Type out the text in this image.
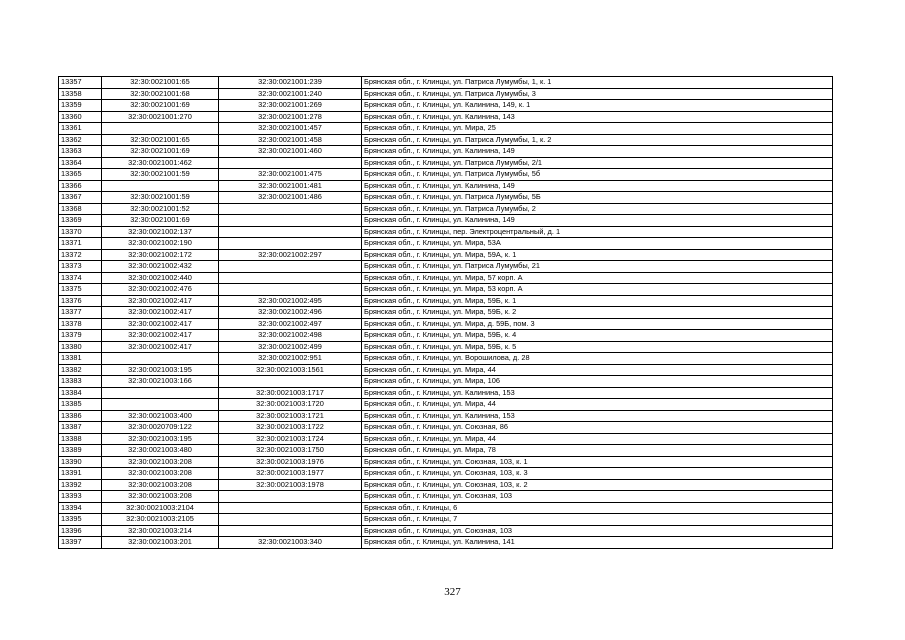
13357	32:30:0021001:65	32:30:0021001:239	Брянская обл., г. Клинцы, ул. Патриса Лумумбы, 1, к. 1
13358	32:30:0021001:68	32:30:0021001:240	Брянская обл., г. Клинцы, ул. Патриса Лумумбы, 3
13359	32:30:0021001:69	32:30:0021001:269	Брянская обл., г. Клинцы, ул. Калинина, 149, к. 1
13360	32:30:0021001:270	32:30:0021001:278	Брянская обл., г. Клинцы, ул. Калинина, 143
13361		32:30:0021001:457	Брянская обл., г. Клинцы, ул. Мира, 25
13362	32:30:0021001:65	32:30:0021001:458	Брянская обл., г. Клинцы, ул. Патриса Лумумбы, 1, к. 2
13363	32:30:0021001:69	32:30:0021001:460	Брянская обл., г. Клинцы, ул. Калинина, 149
13364	32:30:0021001:462		Брянская обл., г. Клинцы, ул. Патриса Лумумбы, 2/1
13365	32:30:0021001:59	32:30:0021001:475	Брянская обл., г. Клинцы, ул. Патриса Лумумбы, 5б
13366		32:30:0021001:481	Брянская обл., г. Клинцы, ул. Калинина, 149
13367	32:30:0021001:59	32:30:0021001:486	Брянская обл., г. Клинцы, ул. Патриса Лумумбы, 5Б
13368	32:30:0021001:52		Брянская обл., г. Клинцы, ул. Патриса Лумумбы, 2
13369	32:30:0021001:69		Брянская обл., г. Клинцы, ул. Калинина, 149
13370	32:30:0021002:137		Брянская обл., г. Клинцы, пер. Электроцентральный, д. 1
13371	32:30:0021002:190		Брянская обл., г. Клинцы, ул. Мира, 53А
13372	32:30:0021002:172	32:30:0021002:297	Брянская обл., г. Клинцы, ул. Мира, 59А, к. 1
13373	32:30:0021002:432		Брянская обл., г. Клинцы, ул. Патриса Лумумбы, 21
13374	32:30:0021002:440		Брянская обл., г. Клинцы, ул. Мира, 57 корп. А
13375	32:30:0021002:476		Брянская обл., г. Клинцы, ул. Мира, 53 корп. А
13376	32:30:0021002:417	32:30:0021002:495	Брянская обл., г. Клинцы, ул. Мира, 59Б, к. 1
13377	32:30:0021002:417	32:30:0021002:496	Брянская обл., г. Клинцы, ул. Мира, 59Б, к. 2
13378	32:30:0021002:417	32:30:0021002:497	Брянская обл., г. Клинцы, ул. Мира, д. 59Б, пом. 3
13379	32:30:0021002:417	32:30:0021002:498	Брянская обл., г. Клинцы, ул. Мира, 59Б, к. 4
13380	32:30:0021002:417	32:30:0021002:499	Брянская обл., г. Клинцы, ул. Мира, 59Б, к. 5
13381		32:30:0021002:951	Брянская обл., г. Клинцы, ул. Ворошилова, д. 28
13382	32:30:0021003:195	32:30:0021003:1561	Брянская обл., г. Клинцы, ул. Мира, 44
13383	32:30:0021003:166		Брянская обл., г. Клинцы, ул. Мира, 106
13384		32:30:0021003:1717	Брянская обл., г. Клинцы, ул. Калинина, 153
13385		32:30:0021003:1720	Брянская обл., г. Клинцы, ул. Мира, 44
13386	32:30:0021003:400	32:30:0021003:1721	Брянская обл., г. Клинцы, ул. Калинина, 153
13387	32:30:0020709:122	32:30:0021003:1722	Брянская обл., г. Клинцы, ул. Союзная, 86
13388	32:30:0021003:195	32:30:0021003:1724	Брянская обл., г. Клинцы, ул. Мира, 44
13389	32:30:0021003:480	32:30:0021003:1750	Брянская обл., г. Клинцы, ул. Мира, 78
13390	32:30:0021003:208	32:30:0021003:1976	Брянская обл., г. Клинцы, ул. Союзная, 103, к. 1
13391	32:30:0021003:208	32:30:0021003:1977	Брянская обл., г. Клинцы, ул. Союзная, 103, к. 3
13392	32:30:0021003:208	32:30:0021003:1978	Брянская обл., г. Клинцы, ул. Союзная, 103, к. 2
13393	32:30:0021003:208		Брянская обл., г. Клинцы, ул. Союзная, 103
13394	32:30:0021003:2104		Брянская обл., г. Клинцы, 6
13395	32:30:0021003:2105		Брянская обл., г. Клинцы, 7
13396	32:30:0021003:214		Брянская обл., г. Клинцы, ул. Союзная, 103
13397	32:30:0021003:201	32:30:0021003:340	Брянская обл., г. Клинцы, ул. Калинина, 141
327
